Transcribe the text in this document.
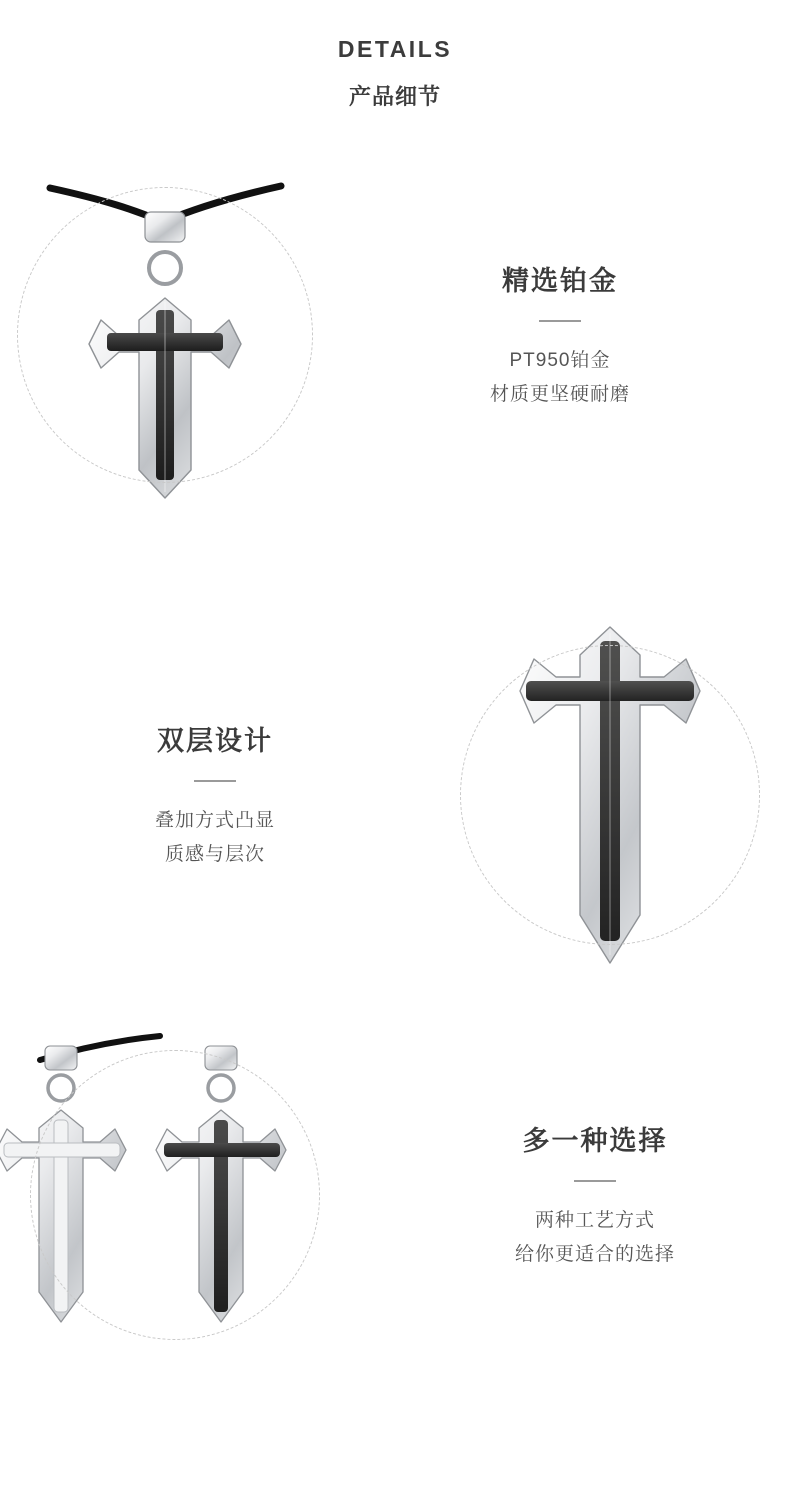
DETAILS
产品细节
精选铂金
PT950铂金
材质更坚硬耐磨
双层设计
叠加方式凸显
质感与层次
多一种选择
两种工艺方式
给你更适合的选择
